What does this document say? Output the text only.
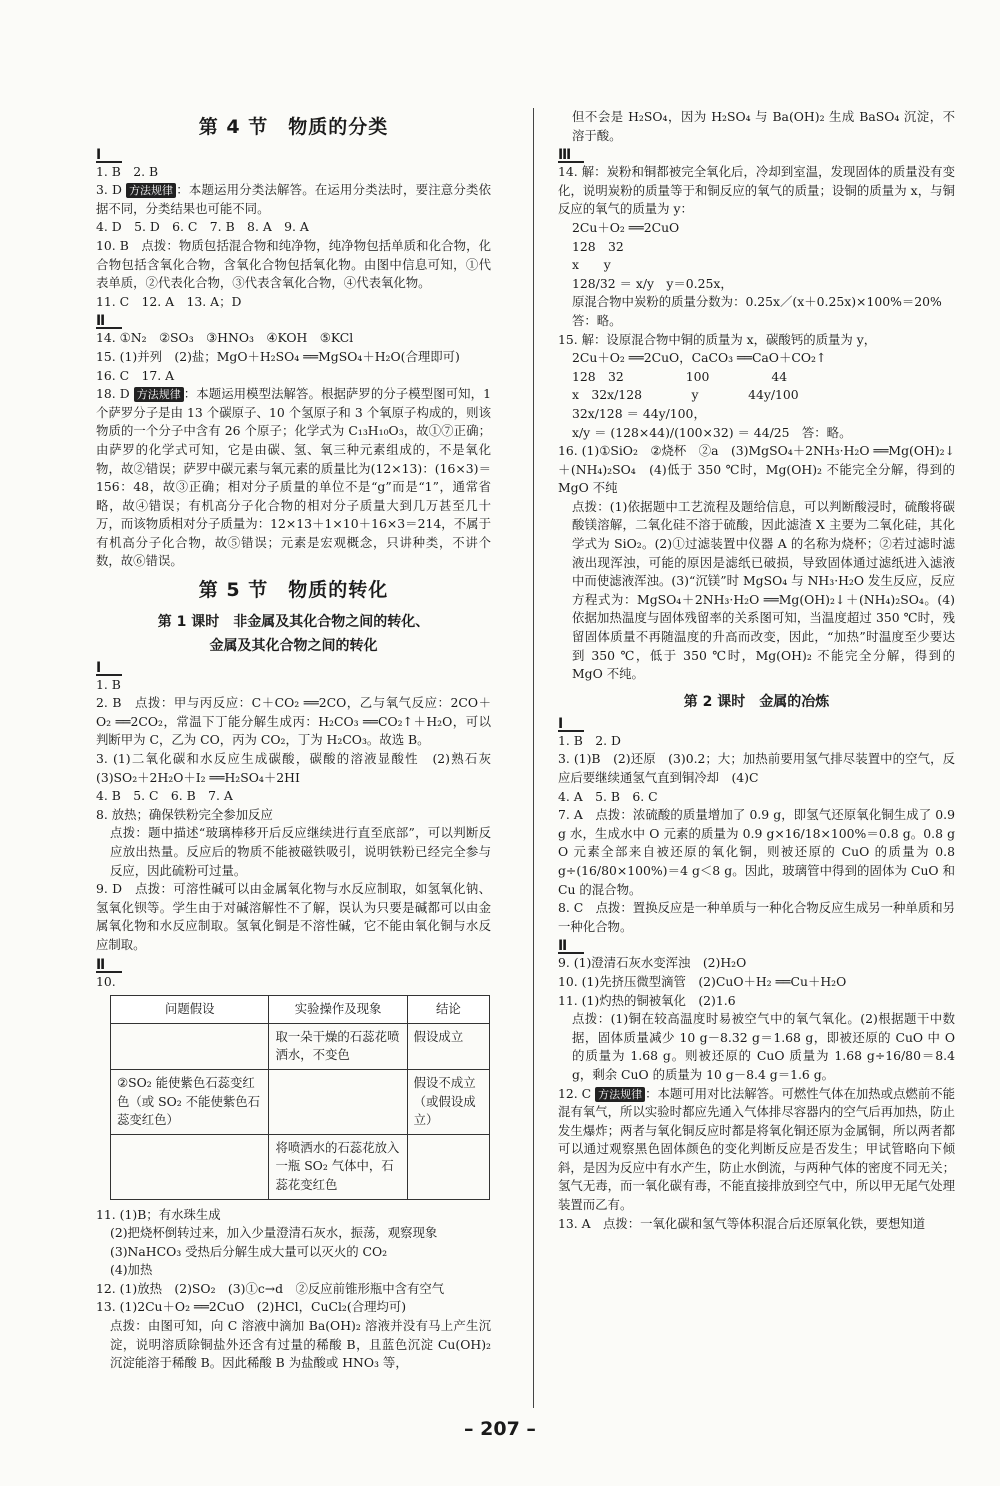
第 4 节　物质的分类
Ⅰ

1. B　2. B

3. D 方法规律 ：本题运用分类法解答。在运用分类法时，要注意分类依据不同，分类结果也可能不同。

4. D　5. D　6. C　7. B　8. A　9. A

10. B　点拨：物质包括混合物和纯净物，纯净物包括单质和化合物，化合物包括含氧化合物，含氧化合物包括氧化物。由图中信息可知，①代表单质，②代表化合物，③代表含氧化合物，④代表氧化物。

11. C　12. A　13. A；D

Ⅱ

14. ①N₂　②SO₃　③HNO₃　④KOH　⑤KCl

15. (1)并列　(2)盐；MgO＋H₂SO₄ ══MgSO₄＋H₂O(合理即可)

16. C　17. A

18. D 方法规律 ：本题运用模型法解答。根据萨罗的分子模型图可知，1 个萨罗分子是由 13 个碳原子、10 个氢原子和 3 个氧原子构成的，则该物质的一个分子中含有 26 个原子；化学式为 C₁₃H₁₀O₃，故①⑦正确；由萨罗的化学式可知，它是由碳、氢、氧三种元素组成的，不是氧化物，故②错误；萨罗中碳元素与氧元素的质量比为(12×13)：(16×3)＝156：48，故③正确；相对分子质量的单位不是“g”而是“1”，通常省略，故④错误；有机高分子化合物的相对分子质量大到几万甚至几十万，而该物质相对分子质量为：12×13＋1×10＋16×3＝214，不属于有机高分子化合物，故⑤错误；元素是宏观概念，只讲种类，不讲个数，故⑥错误。

第 5 节　物质的转化
第 1 课时　非金属及其化合物之间的转化、
金属及其化合物之间的转化
Ⅰ

1. B

2. B　点拨：甲与丙反应：C＋CO₂ ══2CO，乙与氧气反应：2CO＋O₂ ══2CO₂，常温下丁能分解生成丙：H₂CO₃ ══CO₂↑＋H₂O，可以判断甲为 C，乙为 CO，丙为 CO₂，丁为 H₂CO₃。故选 B。

3. (1)二氧化碳和水反应生成碳酸，碳酸的溶液显酸性　(2)熟石灰　(3)SO₂＋2H₂O＋I₂ ══H₂SO₄＋2HI

4. B　5. C　6. B　7. A

8. 放热；确保铁粉完全参加反应

点拨：题中描述“玻璃棒移开后反应继续进行直至底部”，可以判断反应放出热量。反应后的物质不能被磁铁吸引，说明铁粉已经完全参与反应，因此硫粉可过量。

9. D　点拨：可溶性碱可以由金属氧化物与水反应制取，如氢氧化钠、氢氧化钡等。学生由于对碱溶解性不了解，误认为只要是碱都可以由金属氧化物和水反应制取。氢氧化铜是不溶性碱，它不能由氧化铜与水反应制取。

Ⅱ

10.

问题假设	实验操作及现象	结论
	取一朵干燥的石蕊花喷洒水，不变色	假设成立
②SO₂ 能使紫色石蕊变红色（或 SO₂ 不能使紫色石蕊变红色）		假设不成立（或假设成立）
	将喷洒水的石蕊花放入一瓶 SO₂ 气体中，石蕊花变红色	

11. (1)B；有水珠生成

(2)把烧杯倒转过来，加入少量澄清石灰水，振荡，观察现象

(3)NaHCO₃ 受热后分解生成大量可以灭火的 CO₂

(4)加热

12. (1)放热　(2)SO₂　(3)①c→d　②反应前锥形瓶中含有空气

13. (1)2Cu＋O₂ ══2CuO　(2)HCl，CuCl₂(合理均可)

点拨：由图可知，向 C 溶液中滴加 Ba(OH)₂ 溶液并没有马上产生沉淀，说明溶质除铜盐外还含有过量的稀酸 B，且蓝色沉淀 Cu(OH)₂ 沉淀能溶于稀酸 B。因此稀酸 B 为盐酸或 HNO₃ 等，

但不会是 H₂SO₄，因为 H₂SO₄ 与 Ba(OH)₂ 生成 BaSO₄ 沉淀，不溶于酸。

Ⅲ

14. 解：炭粉和铜都被完全氧化后，冷却到室温，发现固体的质量没有变化，说明炭粉的质量等于和铜反应的氧气的质量；设铜的质量为 x，与铜反应的氧气的质量为 y：

2Cu＋O₂ ══2CuO

128　32

x　　y

128/32 ＝ x/y　y＝0.25x，

原混合物中炭粉的质量分数为：0.25x／(x＋0.25x)×100%＝20%

答：略。

15. 解：设原混合物中铜的质量为 x，碳酸钙的质量为 y，

2Cu＋O₂ ══2CuO，CaCO₃ ══CaO＋CO₂↑

128　32　　　　　100　　　　　44

x　32x/128　　　　y　　　　44y/100

32x/128 ＝ 44y/100，

x/y ＝ (128×44)/(100×32) ＝ 44/25　答：略。

16. (1)①SiO₂　②烧杯　②a　(3)MgSO₄＋2NH₃·H₂O ══Mg(OH)₂↓＋(NH₄)₂SO₄　(4)低于 350 ℃时，Mg(OH)₂ 不能完全分解，得到的 MgO 不纯

点拨：(1)依据题中工艺流程及题给信息，可以判断酸浸时，硫酸将碳酸镁溶解，二氧化硅不溶于硫酸，因此滤渣 X 主要为二氧化硅，其化学式为 SiO₂。(2)①过滤装置中仪器 A 的名称为烧杯；②若过滤时滤液出现浑浊，可能的原因是滤纸已破损，导致固体通过滤纸进入滤液中而使滤液浑浊。(3)“沉镁”时 MgSO₄ 与 NH₃·H₂O 发生反应，反应方程式为：MgSO₄＋2NH₃·H₂O ══Mg(OH)₂↓＋(NH₄)₂SO₄。(4)依据加热温度与固体残留率的关系图可知，当温度超过 350 ℃时，残留固体质量不再随温度的升高而改变，因此，“加热”时温度至少要达到 350 ℃，低于 350 ℃时，Mg(OH)₂ 不能完全分解，得到的 MgO 不纯。

第 2 课时　金属的冶炼
Ⅰ

1. B　2. D

3. (1)B　(2)还原　(3)0.2；大；加热前要用氢气排尽装置中的空气，反应后要继续通氢气直到铜冷却　(4)C

4. A　5. B　6. C

7. A　点拨：浓硫酸的质量增加了 0.9 g，即氢气还原氧化铜生成了 0.9 g 水，生成水中 O 元素的质量为 0.9 g×16/18×100%＝0.8 g。0.8 g O 元素全部来自被还原的氧化铜，则被还原的 CuO 的质量为 0.8 g÷(16/80×100%)＝4 g＜8 g。因此，玻璃管中得到的固体为 CuO 和 Cu 的混合物。

8. C　点拨：置换反应是一种单质与一种化合物反应生成另一种单质和另一种化合物。

Ⅱ

9. (1)澄清石灰水变浑浊　(2)H₂O

10. (1)先挤压微型滴管　(2)CuO＋H₂ ══Cu＋H₂O

11. (1)灼热的铜被氧化　(2)1.6

点拨：(1)铜在较高温度时易被空气中的氧气氧化。(2)根据题干中数据，固体质量减少 10 g－8.32 g＝1.68 g，即被还原的 CuO 中 O 的质量为 1.68 g。则被还原的 CuO 质量为 1.68 g÷16/80＝8.4 g，剩余 CuO 的质量为 10 g－8.4 g＝1.6 g。

12. C 方法规律 ：本题可用对比法解答。可燃性气体在加热或点燃前不能混有氧气，所以实验时都应先通入气体排尽容器内的空气后再加热，防止发生爆炸；两者与氧化铜反应时都是将氧化铜还原为金属铜，所以两者都可以通过观察黑色固体颜色的变化判断反应是否发生；甲试管略向下倾斜，是因为反应中有水产生，防止水倒流，与两种气体的密度不同无关；氢气无毒，而一氧化碳有毒，不能直接排放到空气中，所以甲无尾气处理装置而乙有。

13. A　点拨：一氧化碳和氢气等体积混合后还原氧化铁，要想知道

– 207 –
